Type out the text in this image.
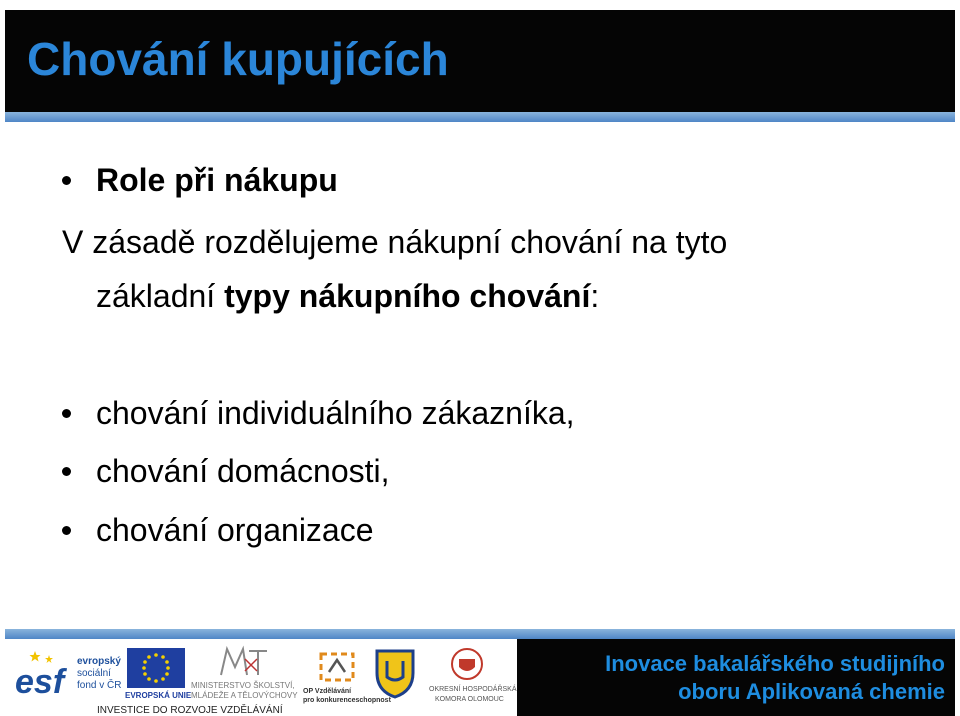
Chování kupujících
Role při nákupu
V zásadě rozdělujeme nákupní chování na tyto
základní typy nákupního chování:
chování individuálního zákazníka,
chování domácnosti,
chování organizace
esf
evropský
sociální
fond v ČR
EVROPSKÁ UNIE
MINISTERSTVO ŠKOLSTVÍ,
MLÁDEŽE A TĚLOVÝCHOVY OP Vzdělávání
pro konkurenceschopnost
OKRESNÍ HOSPODÁŘSKÁ
KOMORA OLOMOUC
INVESTICE DO ROZVOJE VZDĚLÁVÁNÍ
Inovace bakalářského studijního
oboru Aplikovaná chemie
